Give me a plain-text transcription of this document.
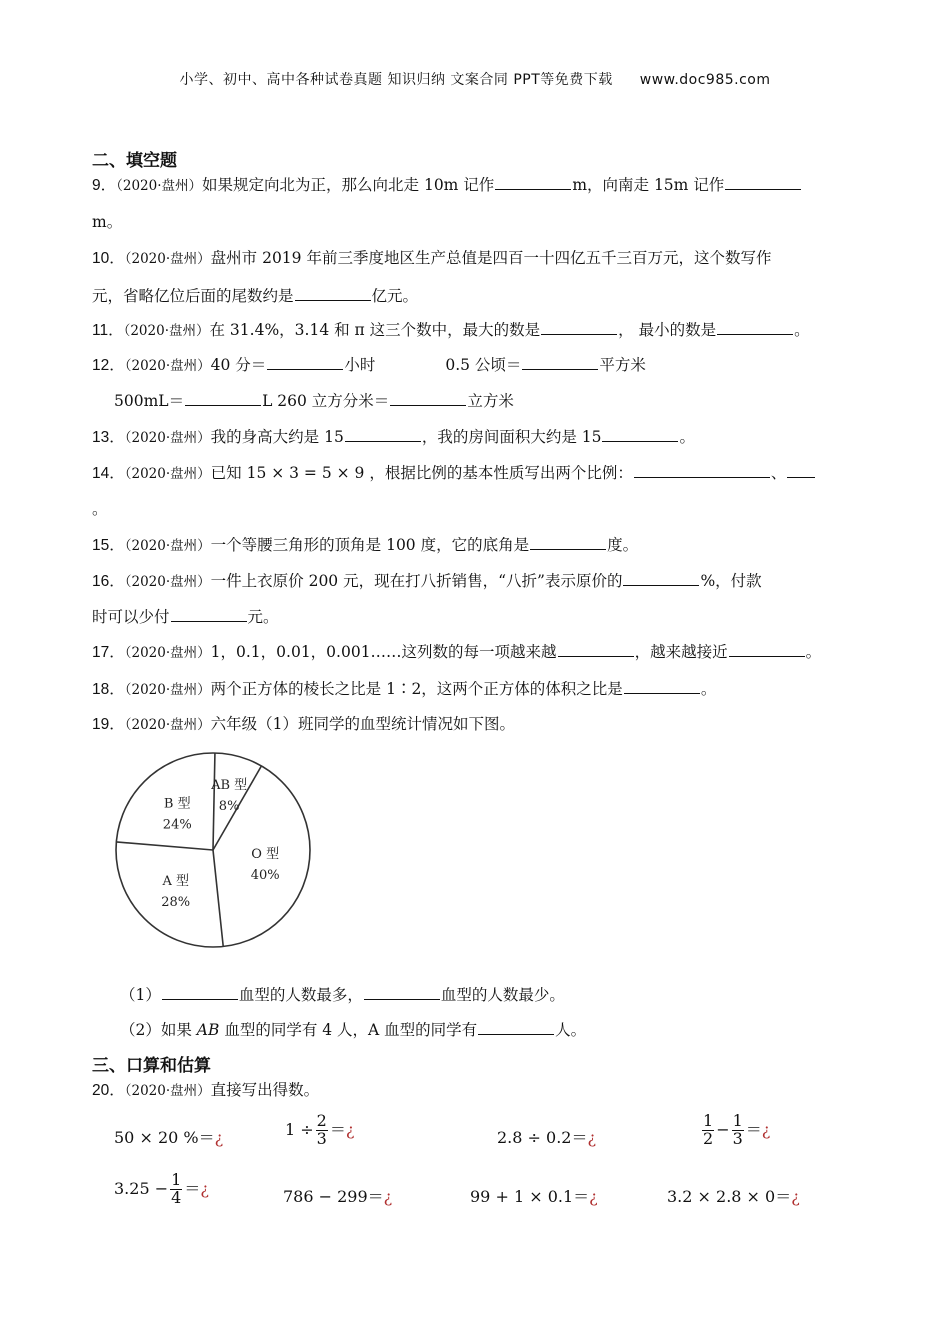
小学、初中、高中各种试卷真题 知识归纳 文案合同 PPT等免费下载 www.doc985.com
二、填空题
9．（2020·盘州）如果规定向北为正，那么向北走 10m 记作	m，向南走 15m 记作
m。
10．（2020·盘州）盘州市 2019 年前三季度地区生产总值是四百一十四亿五千三百万元，这个数写作
元，省略亿位后面的尾数约是	亿元。
11．（2020·盘州）在 31.4%，3.14 和 π 这三个数中，最大的数是	， 最小的数是	。
12．（2020·盘州）40 分＝	小时	0.5 公顷＝	平方米
500mL＝	L 260 立方分米＝	立方米
13．（2020·盘州）我的身高大约是 15	，我的房间面积大约是 15	。
14．（2020·盘州）已知 15 × 3 = 5 × 9 ，根据比例的基本性质写出两个比例：	、
。
15．（2020·盘州）一个等腰三角形的顶角是 100 度，它的底角是	度。
16．（2020·盘州）一件上衣原价 200 元，现在打八折销售，“八折”表示原价的	%，付款
时可以少付	元。
17．（2020·盘州）1，0.1，0.01，0.001……这列数的每一项越来越	，越来越接近	。
18．（2020·盘州）两个正方体的棱长之比是 1∶2，这两个正方体的体积之比是	。
19．（2020·盘州）六年级（1）班同学的血型统计情况如下图。
AB 型
8%
O 型
40%
A 型
28%
B 型
24%
（1）	血型的人数最多，	血型的人数最少。
（2）如果 AB 血型的同学有 4 人，A 血型的同学有	人。
三、口算和估算
20．（2020·盘州）直接写出得数。
50 × 20 %＝¿	$1 \div \frac{2}{3}$ ＝¿	2.8 ÷ 0.2＝¿	$\frac{1}{2} - \frac{1}{3}$ ＝¿
$3.25 - \frac{1}{4}$ ＝¿	786 − 299＝¿	99 + 1 × 0.1＝¿	3.2 × 2.8 × 0＝¿
